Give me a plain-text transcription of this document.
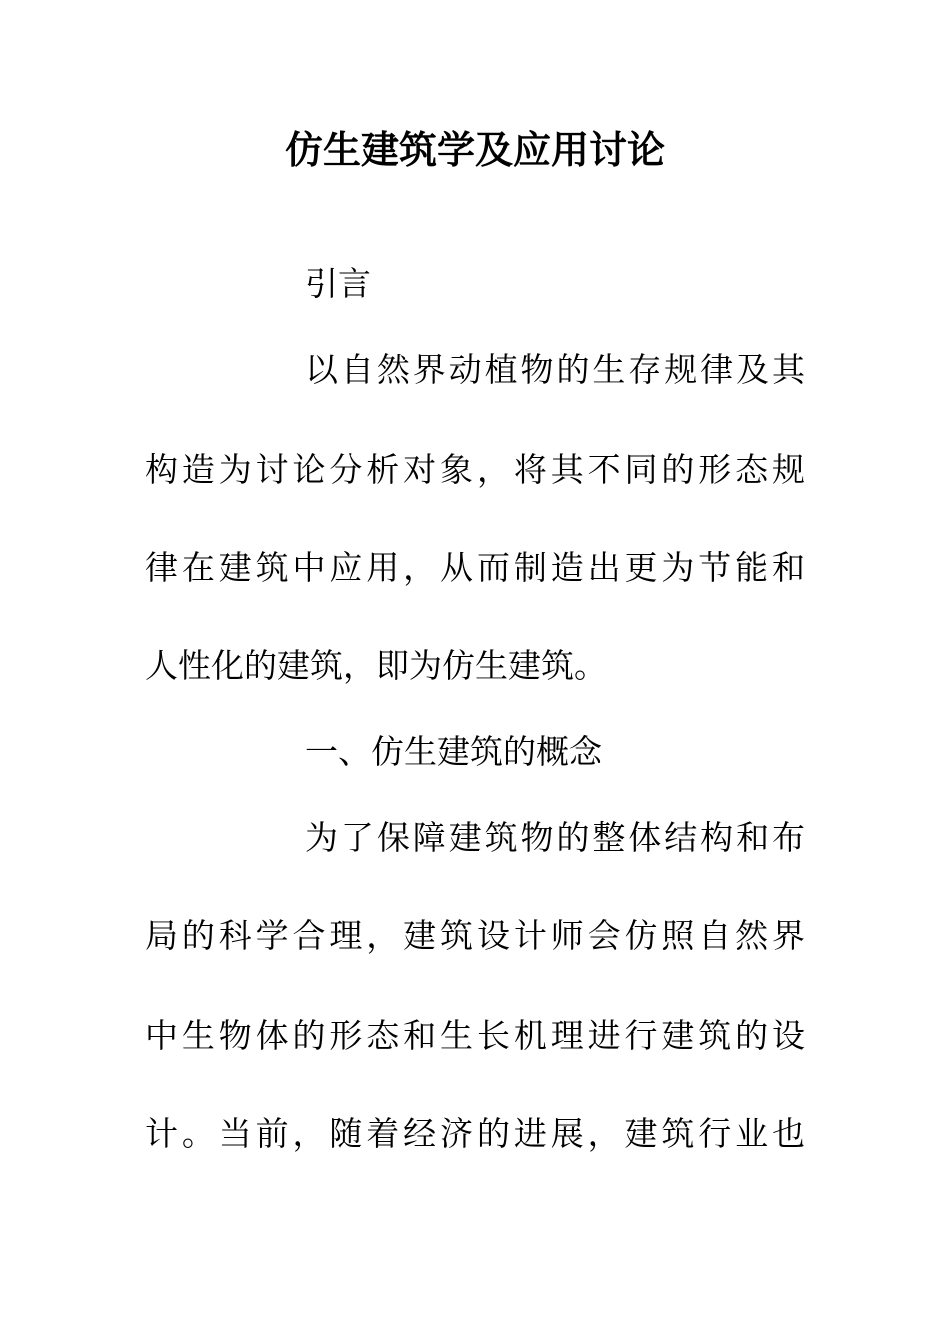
仿生建筑学及应用讨论

引言

以自然界动植物的生存规律及其

构造为讨论分析对象，将其不同的形态规

律在建筑中应用，从而制造出更为节能和

人性化的建筑，即为仿生建筑。

一、仿生建筑的概念

为了保障建筑物的整体结构和布

局的科学合理，建筑设计师会仿照自然界

中生物体的形态和生长机理进行建筑的设

计。当前，随着经济的进展，建筑行业也
